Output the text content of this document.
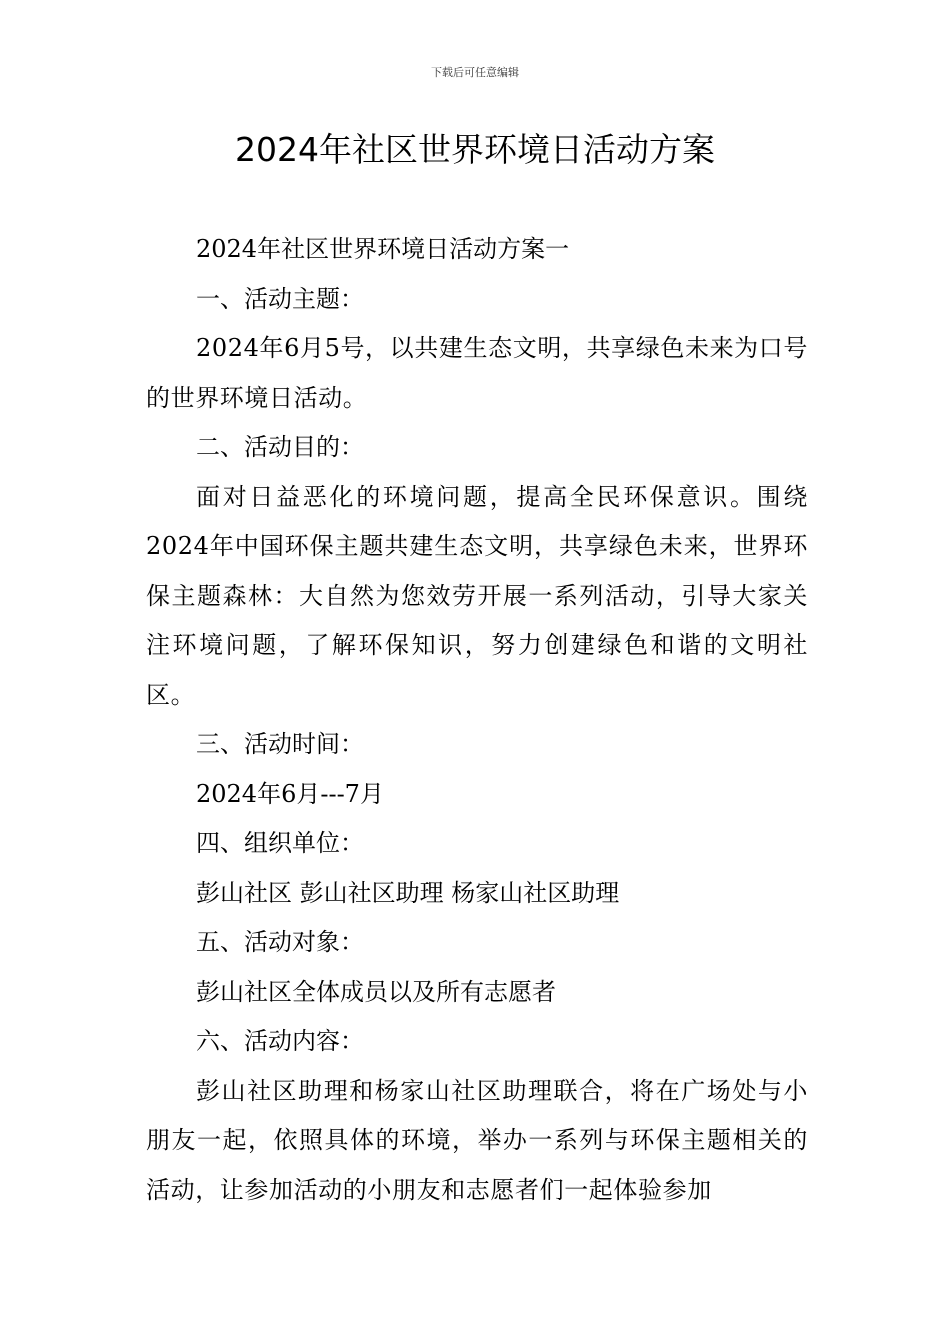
下载后可任意编辑
2024年社区世界环境日活动方案

2024年社区世界环境日活动方案一

一、活动主题：

2024年6月5号，以共建生态文明，共享绿色未来为口号的世界环境日活动。

二、活动目的：

面对日益恶化的环境问题，提高全民环保意识。围绕2024年中国环保主题共建生态文明，共享绿色未来，世界环保主题森林：大自然为您效劳开展一系列活动，引导大家关注环境问题，了解环保知识，努力创建绿色和谐的文明社区。

三、活动时间：

2024年6月---7月

四、组织单位：

彭山社区 彭山社区助理 杨家山社区助理

五、活动对象：

彭山社区全体成员以及所有志愿者

六、活动内容：

彭山社区助理和杨家山社区助理联合，将在广场处与小朋友一起，依照具体的环境，举办一系列与环保主题相关的活动，让参加活动的小朋友和志愿者们一起体验参加
